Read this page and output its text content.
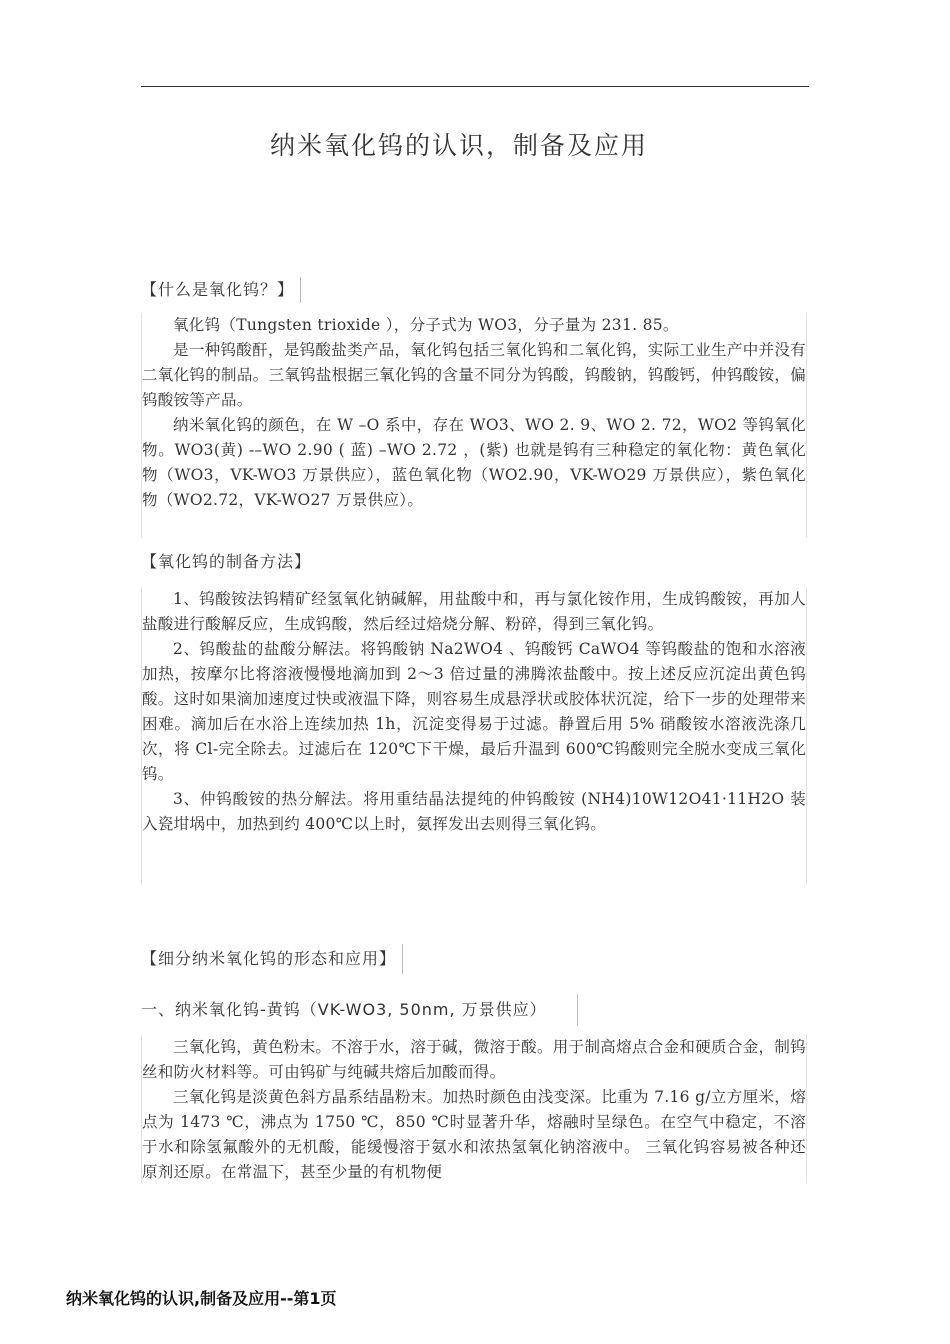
纳米氧化钨的认识，制备及应用
【什么是氧化钨？】

氧化钨（Tungsten trioxide ），分子式为 WO3，分子量为 231. 85。

是一种钨酸酐，是钨酸盐类产品，氧化钨包括三氧化钨和二氧化钨，实际工业生产中并没有二氧化钨的制品。三氧钨盐根据三氧化钨的含量不同分为钨酸，钨酸钠，钨酸钙，仲钨酸铵，偏钨酸铵等产品。

纳米氧化钨的颜色，在 W –O 系中，存在 WO3、WO 2. 9、WO 2. 72，WO2 等钨氧化物。WO3(黄) -–WO 2.90 ( 蓝) –WO 2.72 ，(紫) 也就是钨有三种稳定的氧化物：黄色氧化物（WO3，VK-WO3 万景供应），蓝色氧化物（WO2.90，VK-WO29 万景供应），紫色氧化物（WO2.72，VK-WO27 万景供应）。

【氧化钨的制备方法】

1、钨酸铵法钨精矿经氢氧化钠碱解，用盐酸中和，再与氯化铵作用，生成钨酸铵，再加人盐酸进行酸解反应，生成钨酸，然后经过焙烧分解、粉碎，得到三氧化钨。

2、钨酸盐的盐酸分解法。将钨酸钠 Na2WO4 、钨酸钙 CaWO4 等钨酸盐的饱和水溶液加热，按摩尔比将溶液慢慢地滴加到 2～3 倍过量的沸腾浓盐酸中。按上述反应沉淀出黄色钨酸。这时如果滴加速度过快或液温下降，则容易生成悬浮状或胶体状沉淀，给下一步的处理带来困难。滴加后在水浴上连续加热 1h，沉淀变得易于过滤。静置后用 5% 硝酸铵水溶液洗涤几次，将 Cl-完全除去。过滤后在 120℃下干燥，最后升温到 600℃钨酸则完全脱水变成三氧化钨。

3、仲钨酸铵的热分解法。将用重结晶法提纯的仲钨酸铵 (NH4)10W12O41·11H2O 装入瓷坩埚中，加热到约 400℃以上时，氨挥发出去则得三氧化钨。

【细分纳米氧化钨的形态和应用】
一、纳米氧化钨-黄钨（VK-WO3, 50nm, 万景供应）

三氧化钨，黄色粉末。不溶于水，溶于碱，微溶于酸。用于制高熔点合金和硬质合金，制钨丝和防火材料等。可由钨矿与纯碱共熔后加酸而得。

三氧化钨是淡黄色斜方晶系结晶粉末。加热时颜色由浅变深。比重为 7.16 g/立方厘米，熔点为 1473 ℃，沸点为 1750 ℃，850 ℃时显著升华，熔融时呈绿色。在空气中稳定，不溶于水和除氢氟酸外的无机酸，能缓慢溶于氨水和浓热氢氧化钠溶液中。 三氧化钨容易被各种还原剂还原。在常温下，甚至少量的有机物便

纳米氧化钨的认识,制备及应用--第1页
